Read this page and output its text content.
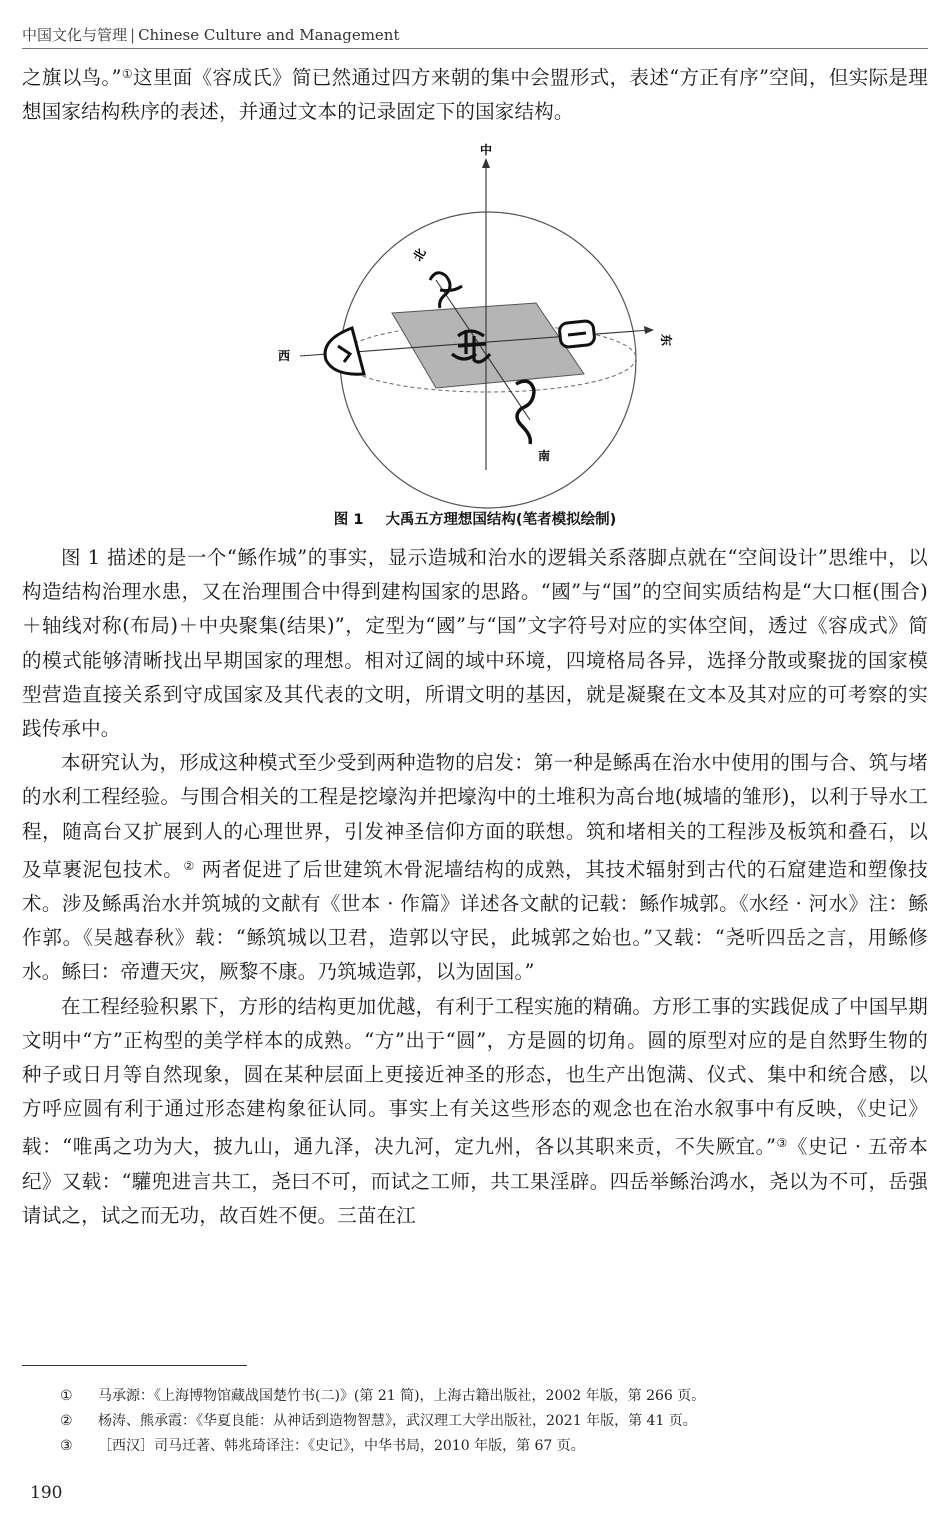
中国文化与管理 | Chinese Culture and Management

之旗以鸟。”①这里面《容成氏》简已然通过四方来朝的集中会盟形式，表述“方正有序”空间，但实际是理想国家结构秩序的表述，并通过文本的记录固定下的国家结构。

中
北
西
东
南
图 1 大禹五方理想国结构(笔者模拟绘制)

图 1 描述的是一个“鲧作城”的事实，显示造城和治水的逻辑关系落脚点就在“空间设计”思维中，以构造结构治理水患，又在治理围合中得到建构国家的思路。“國”与“国”的空间实质结构是“大口框(围合)＋轴线对称(布局)＋中央聚集(结果)”，定型为“國”与“国”文字符号对应的实体空间，透过《容成式》简的模式能够清晰找出早期国家的理想。相对辽阔的域中环境，四境格局各异，选择分散或聚拢的国家模型营造直接关系到守成国家及其代表的文明，所谓文明的基因，就是凝聚在文本及其对应的可考察的实践传承中。

本研究认为，形成这种模式至少受到两种造物的启发：第一种是鲧禹在治水中使用的围与合、筑与堵的水利工程经验。与围合相关的工程是挖壕沟并把壕沟中的土堆积为高台地(城墙的雏形)，以利于导水工程，随高台又扩展到人的心理世界，引发神圣信仰方面的联想。筑和堵相关的工程涉及板筑和叠石，以及草裹泥包技术。② 两者促进了后世建筑木骨泥墙结构的成熟，其技术辐射到古代的石窟建造和塑像技术。涉及鲧禹治水并筑城的文献有《世本 · 作篇》详述各文献的记载：鲧作城郭。《水经 · 河水》注：鲧作郭。《吴越春秋》载：“鲧筑城以卫君，造郭以守民，此城郭之始也。”又载：“尧听四岳之言，用鲧修水。鲧曰：帝遭天灾，厥黎不康。乃筑城造郭，以为固国。”

在工程经验积累下，方形的结构更加优越，有利于工程实施的精确。方形工事的实践促成了中国早期文明中“方”正构型的美学样本的成熟。“方”出于“圆”，方是圆的切角。圆的原型对应的是自然野生物的种子或日月等自然现象，圆在某种层面上更接近神圣的形态，也生产出饱满、仪式、集中和统合感，以方呼应圆有利于通过形态建构象征认同。事实上有关这些形态的观念也在治水叙事中有反映，《史记》载：“唯禹之功为大，披九山，通九泽，决九河，定九州，各以其职来贡，不失厥宜。”③《史记 · 五帝本纪》又载：“驩兜进言共工，尧曰不可，而试之工师，共工果淫辟。四岳举鲧治鸿水，尧以为不可，岳强请试之，试之而无功，故百姓不便。三苗在江

① 马承源：《上海博物馆藏战国楚竹书(二)》(第 21 简)，上海古籍出版社，2002 年版，第 266 页。
② 杨涛、熊承霞：《华夏良能：从神话到造物智慧》，武汉理工大学出版社，2021 年版，第 41 页。
③ ［西汉］司马迁著、韩兆琦译注：《史记》，中华书局，2010 年版，第 67 页。
190
